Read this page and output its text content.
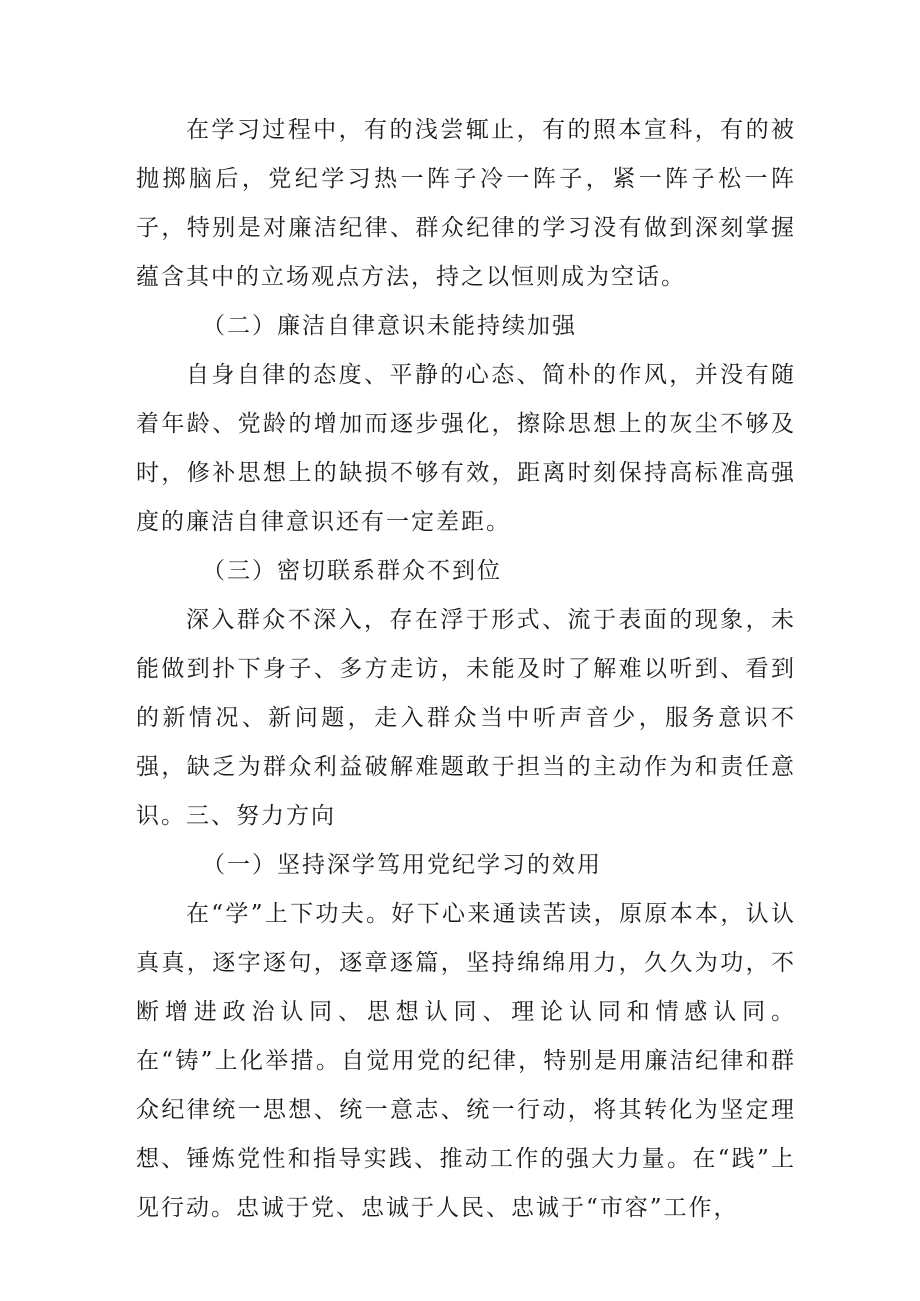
在学习过程中，有的浅尝辄止，有的照本宣科，有的被抛掷脑后，党纪学习热一阵子冷一阵子，紧一阵子松一阵子，特别是对廉洁纪律、群众纪律的学习没有做到深刻掌握蕴含其中的立场观点方法，持之以恒则成为空话。

（二）廉洁自律意识未能持续加强

自身自律的态度、平静的心态、简朴的作风，并没有随着年龄、党龄的增加而逐步强化，擦除思想上的灰尘不够及时，修补思想上的缺损不够有效，距离时刻保持高标准高强度的廉洁自律意识还有一定差距。

（三）密切联系群众不到位

深入群众不深入，存在浮于形式、流于表面的现象，未能做到扑下身子、多方走访，未能及时了解难以听到、看到的新情况、新问题，走入群众当中听声音少，服务意识不强，缺乏为群众利益破解难题敢于担当的主动作为和责任意识。 三、努力方向

（一）坚持深学笃用党纪学习的效用

在“学”上下功夫。好下心来通读苦读，原原本本，认认真真，逐字逐句，逐章逐篇，坚持绵绵用力，久久为功，不断增进政治认同、思想认同、理论认同和情感认同。在“铸”上化举措。自觉用党的纪律，特别是用廉洁纪律和群众纪律统一思想、统一意志、统一行动，将其转化为坚定理想、锤炼党性和指导实践、推动工作的强大力量。在“践”上见行动。忠诚于党、忠诚于人民、忠诚于“市容”工作，
